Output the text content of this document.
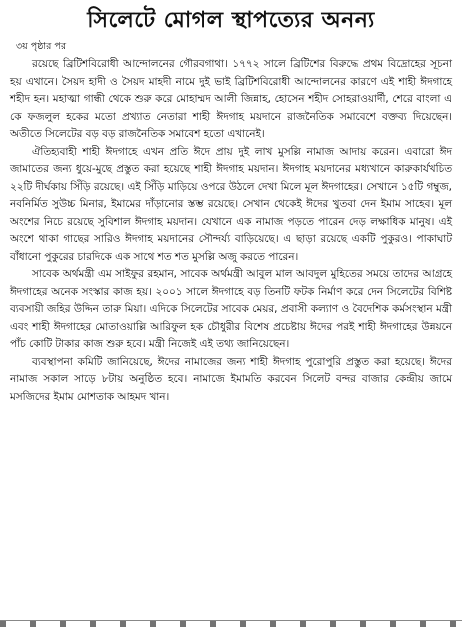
সিলেটে মোগল স্থাপত্যের অনন্য
৩য় পৃষ্ঠার পর

রয়েছে ব্রিটিশবিরোধী আন্দোলনের গৌরবগাথা। ১৭৭২ সালে ব্রিটিশের বিরুদ্ধে প্রথম বিদ্রোহের সূচনা হয় এখানে। সৈয়দ হাদী ও সৈয়দ মাহদী নামে দুই ভাই ব্রিটিশবিরোধী আন্দোলনের কারণে এই শাহী ঈদগাহে শহীদ হন। মহাত্মা গান্ধী থেকে শুরু করে মোহাম্মদ আলী জিন্নাহ, হোসেন শহীদ সোহরাওয়ার্দী, শেরে বাংলা এ কে ফজলুল হকের মতো প্রখ্যাত নেতারা শাহী ঈদগাহ ময়দানে রাজনৈতিক সমাবেশে বক্তব্য দিয়েছেন। অতীতে সিলেটের বড় বড় রাজনৈতিক সমাবেশ হতো এখানেই।

ঐতিহ্যবাহী শাহী ঈদগাহে এখন প্রতি ঈদে প্রায় দুই লাখ মুসল্লি নামাজ আদায় করেন। এবারো ঈদ জামাতের জন্য ধুয়ে-মুছে প্রস্তুত করা হয়েছে শাহী ঈদগাহ ময়দান। ঈদগাহ ময়দানের মধ্যখানে কারুকার্যখচিত ২২টি দীর্ঘকায় সিঁড়ি রয়েছে। এই সিঁড়ি মাড়িয়ে ওপরে উঠলে দেখা মিলে মূল ঈদগাহের। সেখানে ১৫টি গম্বুজ, নবনির্মিত সুউচ্চ মিনার, ইমামের দাঁড়ানোর স্তম্ভ রয়েছে। সেখান থেকেই ঈদের খুতবা দেন ইমাম সাহেব। মূল অংশের নিচে রয়েছে সুবিশাল ঈদগাহ ময়দান। যেখানে এক নামাজ পড়তে পারেন দেড় লক্ষাধিক মানুষ। এই অংশে থাকা গাছের সারিও ঈদগাহ ময়দানের সৌন্দর্য্য বাড়িয়েছে। এ ছাড়া রয়েছে একটি পুকুরও। পাকাঘাট বাঁধানো পুকুরের চারদিকে এক সাথে শত শত মুসল্লি অজু করতে পারেন।

সাবেক অর্থমন্ত্রী এম সাইফুর রহমান, সাবেক অর্থমন্ত্রী আবুল মাল আবদুল মুহিতের সময়ে তাদের আগ্রহে ঈদগাহের অনেক সংস্কার কাজ হয়। ২০০১ সালে ঈদগাহে বড় তিনটি ফটক নির্মাণ করে দেন সিলেটের বিশিষ্ট ব্যবসায়ী জহির উদ্দিন তারু মিয়া। এদিকে সিলেটের সাবেক মেয়র, প্রবাসী কল্যাণ ও বৈদেশিক কর্মসংস্থান মন্ত্রী এবং শাহী ঈদগাহের মোতাওয়াল্লি আরিফুল হক চৌধুরীর বিশেষ প্রচেষ্টায় ঈদের পরই শাহী ঈদগাহের উন্নয়নে পাঁচ কোটি টাকার কাজ শুরু হবে। মন্ত্রী নিজেই এই তথ্য জানিয়েছেন।

ব্যবস্থাপনা কমিটি জানিয়েছে, ঈদের নামাজের জন্য শাহী ঈদগাহ পুরোপুরি প্রস্তুত করা হয়েছে। ঈদের নামাজ সকাল সাড়ে ৮টায় অনুষ্ঠিত হবে। নামাজে ইমামতি করবেন সিলেট বন্দর বাজার কেন্দ্রীয় জামে মসজিদের ইমাম মোশতাক আহমদ খান।
